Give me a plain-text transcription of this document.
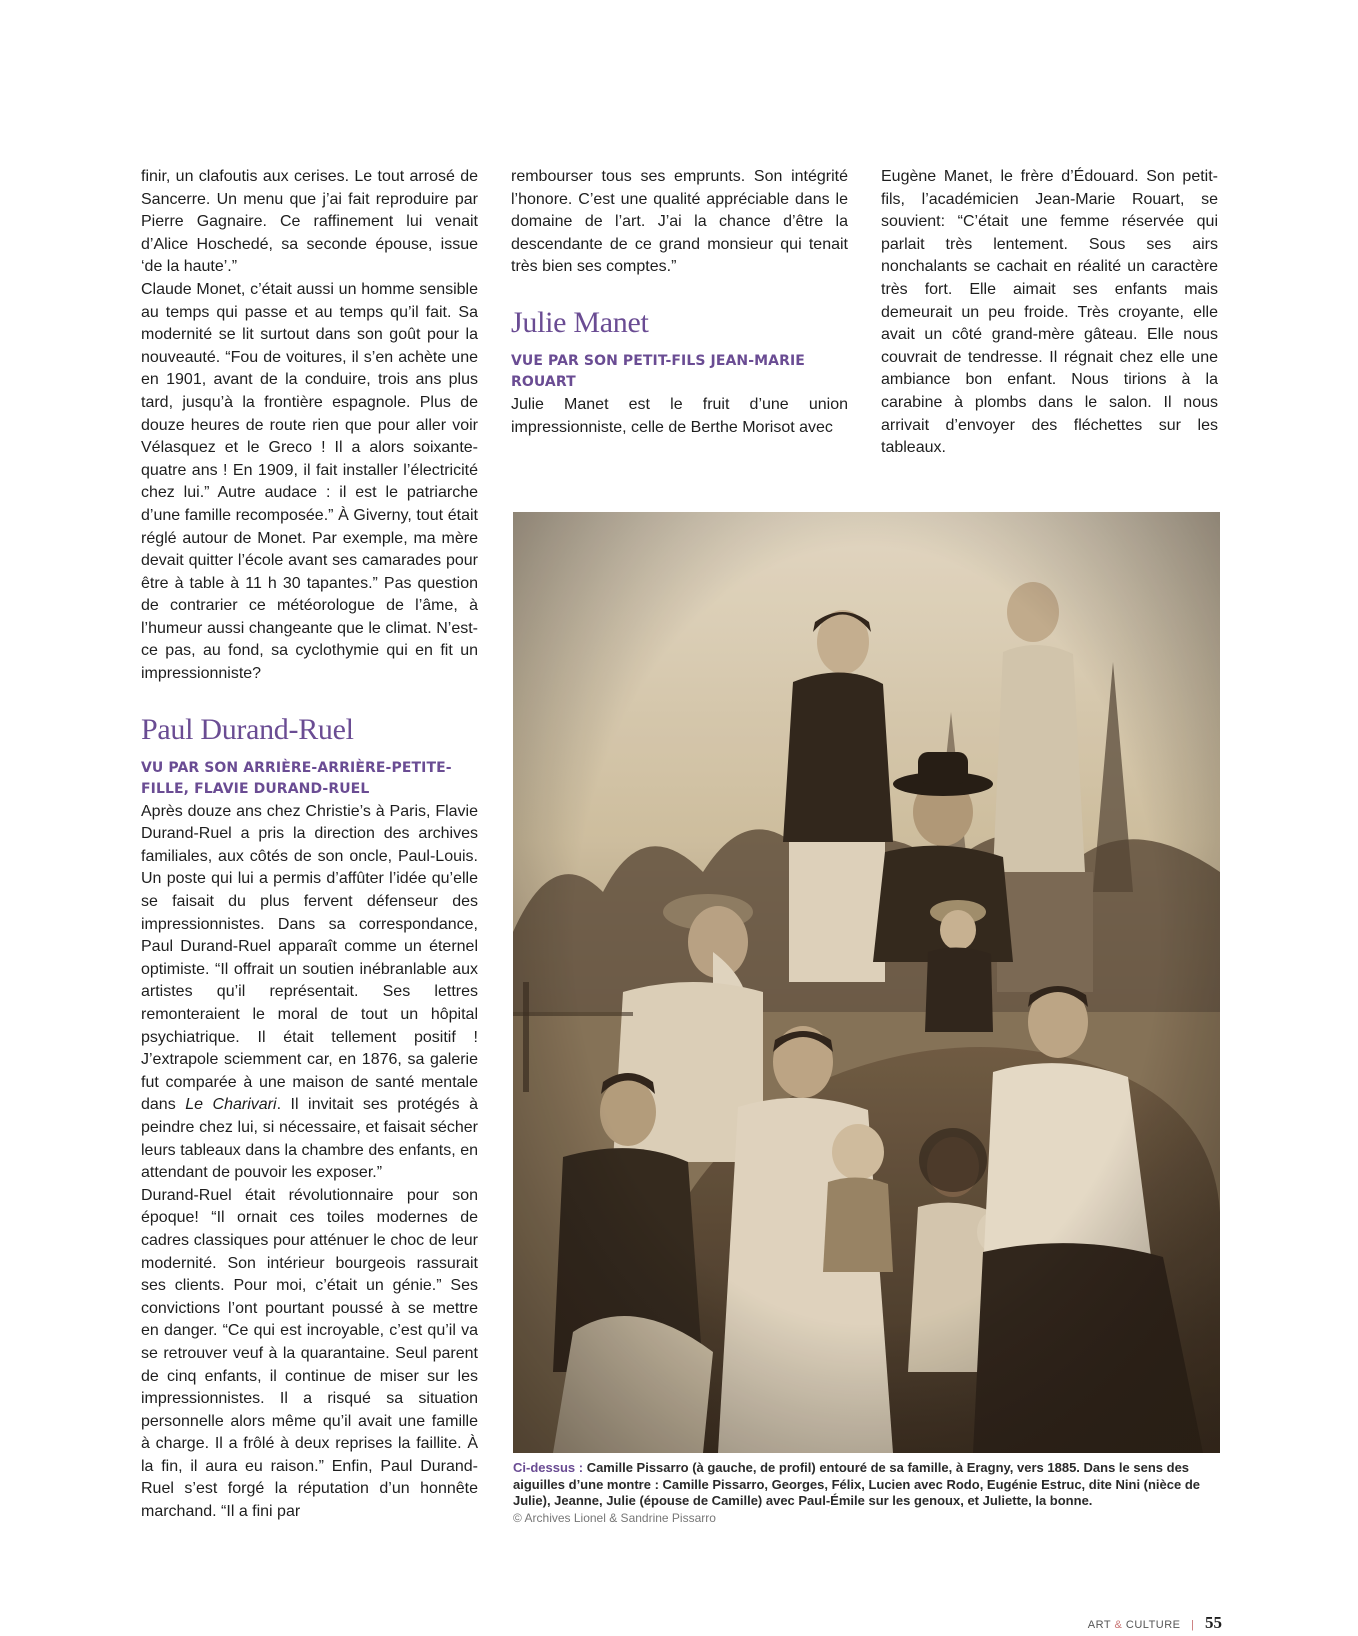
finir, un clafoutis aux cerises. Le tout arrosé de Sancerre. Un menu que j’ai fait reproduire par Pierre Gagnaire. Ce raffinement lui venait d’Alice Hoschedé, sa seconde épouse, issue ‘de la haute’.”

Claude Monet, c’était aussi un homme sensible au temps qui passe et au temps qu’il fait. Sa modernité se lit surtout dans son goût pour la nouveauté. “Fou de voitures, il s’en achète une en 1901, avant de la conduire, trois ans plus tard, jusqu’à la frontière espagnole. Plus de douze heures de route rien que pour aller voir Vélasquez et le Greco ! Il a alors soixante-quatre ans ! En 1909, il fait installer l’électricité chez lui.” Autre audace : il est le patriarche d’une famille recomposée.” À Giverny, tout était réglé autour de Monet. Par exemple, ma mère devait quitter l’école avant ses camarades pour être à table à 11 h 30 tapantes.” Pas question de contrarier ce météorologue de l’âme, à l’humeur aussi changeante que le climat. N’est-ce pas, au fond, sa cyclothymie qui en fit un impressionniste?

Paul Durand-Ruel
VU PAR SON ARRIÈRE-ARRIÈRE-PETITE-FILLE, FLAVIE DURAND-RUEL

Après douze ans chez Christie’s à Paris, Flavie Durand-Ruel a pris la direction des archives familiales, aux côtés de son oncle, Paul-Louis. Un poste qui lui a permis d’affûter l’idée qu’elle se faisait du plus fervent défenseur des impressionnistes. Dans sa correspondance, Paul Durand-Ruel apparaît comme un éternel optimiste. “Il offrait un soutien inébranlable aux artistes qu’il représentait. Ses lettres remonteraient le moral de tout un hôpital psychiatrique. Il était tellement positif ! J’extrapole sciemment car, en 1876, sa galerie fut comparée à une maison de santé mentale dans Le Charivari. Il invitait ses protégés à peindre chez lui, si nécessaire, et faisait sécher leurs tableaux dans la chambre des enfants, en attendant de pouvoir les exposer.”

Durand-Ruel était révolutionnaire pour son époque! “Il ornait ces toiles modernes de cadres classiques pour atténuer le choc de leur modernité. Son intérieur bourgeois rassurait ses clients. Pour moi, c’était un génie.” Ses convictions l’ont pourtant poussé à se mettre en danger. “Ce qui est incroyable, c’est qu’il va se retrouver veuf à la quarantaine. Seul parent de cinq enfants, il continue de miser sur les impressionnistes. Il a risqué sa situation personnelle alors même qu’il avait une famille à charge. Il a frôlé à deux reprises la faillite. À la fin, il aura eu raison.” Enfin, Paul Durand-Ruel s’est forgé la réputation d’un honnête marchand. “Il a fini par

rembourser tous ses emprunts. Son intégrité l’honore. C’est une qualité appréciable dans le domaine de l’art. J’ai la chance d’être la descendante de ce grand monsieur qui tenait très bien ses comptes.”

Julie Manet
VUE PAR SON PETIT-FILS JEAN-MARIE ROUART

Julie Manet est le fruit d’une union impressionniste, celle de Berthe Morisot avec

Eugène Manet, le frère d’Édouard. Son petit-fils, l’académicien Jean-Marie Rouart, se souvient: “C’était une femme réservée qui parlait très lentement. Sous ses airs nonchalants se cachait en réalité un caractère très fort. Elle aimait ses enfants mais demeurait un peu froide. Très croyante, elle avait un côté grand-mère gâteau. Elle nous couvrait de tendresse. Il régnait chez elle une ambiance bon enfant. Nous tirions à la carabine à plombs dans le salon. Il nous arrivait d’envoyer des fléchettes sur les tableaux.

Ci-dessus : Camille Pissarro (à gauche, de profil) entouré de sa famille, à Eragny, vers 1885. Dans le sens des aiguilles d’une montre : Camille Pissarro, Georges, Félix, Lucien avec Rodo, Eugénie Estruc, dite Nini (nièce de Julie), Jeanne, Julie (épouse de Camille) avec Paul-Émile sur les genoux, et Juliette, la bonne.
© Archives Lionel & Sandrine Pissarro
ART & CULTURE | 55
